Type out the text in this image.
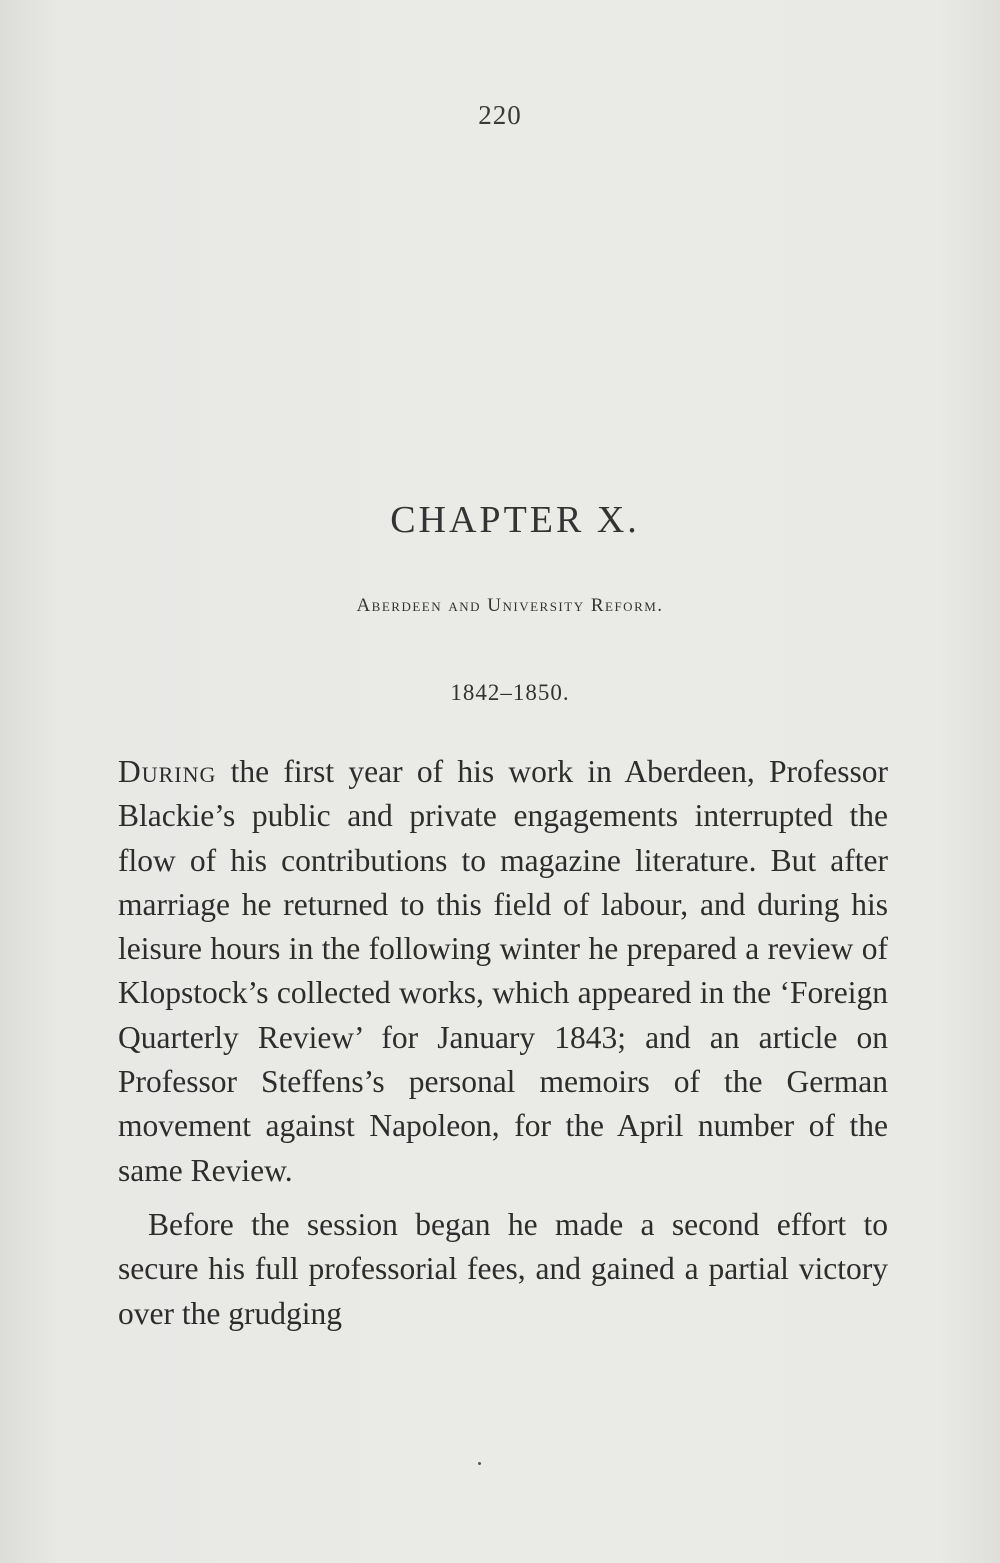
220
CHAPTER X.
Aberdeen and University Reform.
1842–1850.

During the first year of his work in Aberdeen, Professor Blackie’s public and private engagements interrupted the flow of his contributions to magazine literature. But after marriage he returned to this field of labour, and during his leisure hours in the following winter he prepared a review of Klopstock’s collected works, which appeared in the ‘Foreign Quarterly Review’ for January 1843; and an article on Professor Steffens’s personal memoirs of the German movement against Napoleon, for the April number of the same Review.

Before the session began he made a second effort to secure his full professorial fees, and gained a partial victory over the grudging
